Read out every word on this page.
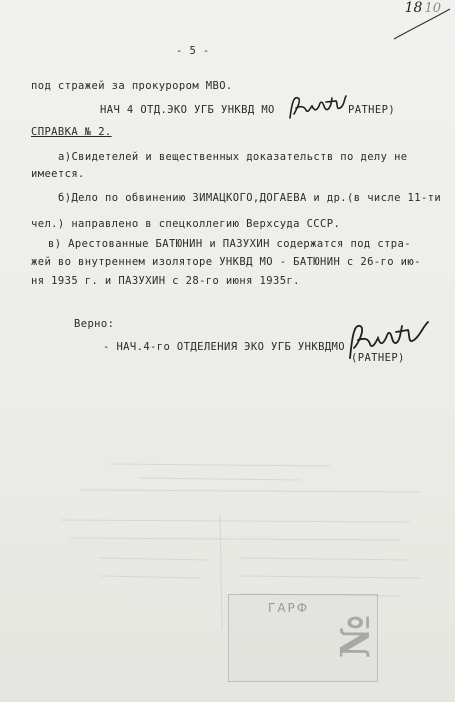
18 10
- 5 -
под стражей за прокурором МВО.
НАЧ 4 ОТД.ЭКО УГБ УНКВД МО	РАТНЕР)
СПРАВКА № 2.
а)Свидетелей и вещественных доказательств по делу не
имеется.
б)Дело по обвинению ЗИМАЦКОГО,ДОГАЕВА и др.(в числе 11-ти
чел.) направлено в спецколлегию Верхсуда СССР.
в) Арестованные БАТЮНИН и ПАЗУХИН содержатся под стра-
жей во внутреннем изоляторе УНКВД МО - БАТЮНИН с 26-го ию-
ня 1935 г. и ПАЗУХИН с 28-го июня 1935г.
Верно:
- НАЧ.4-го ОТДЕЛЕНИЯ ЭКО УГБ УНКВДМО
(РАТНЕР)
ГАРФ
№
